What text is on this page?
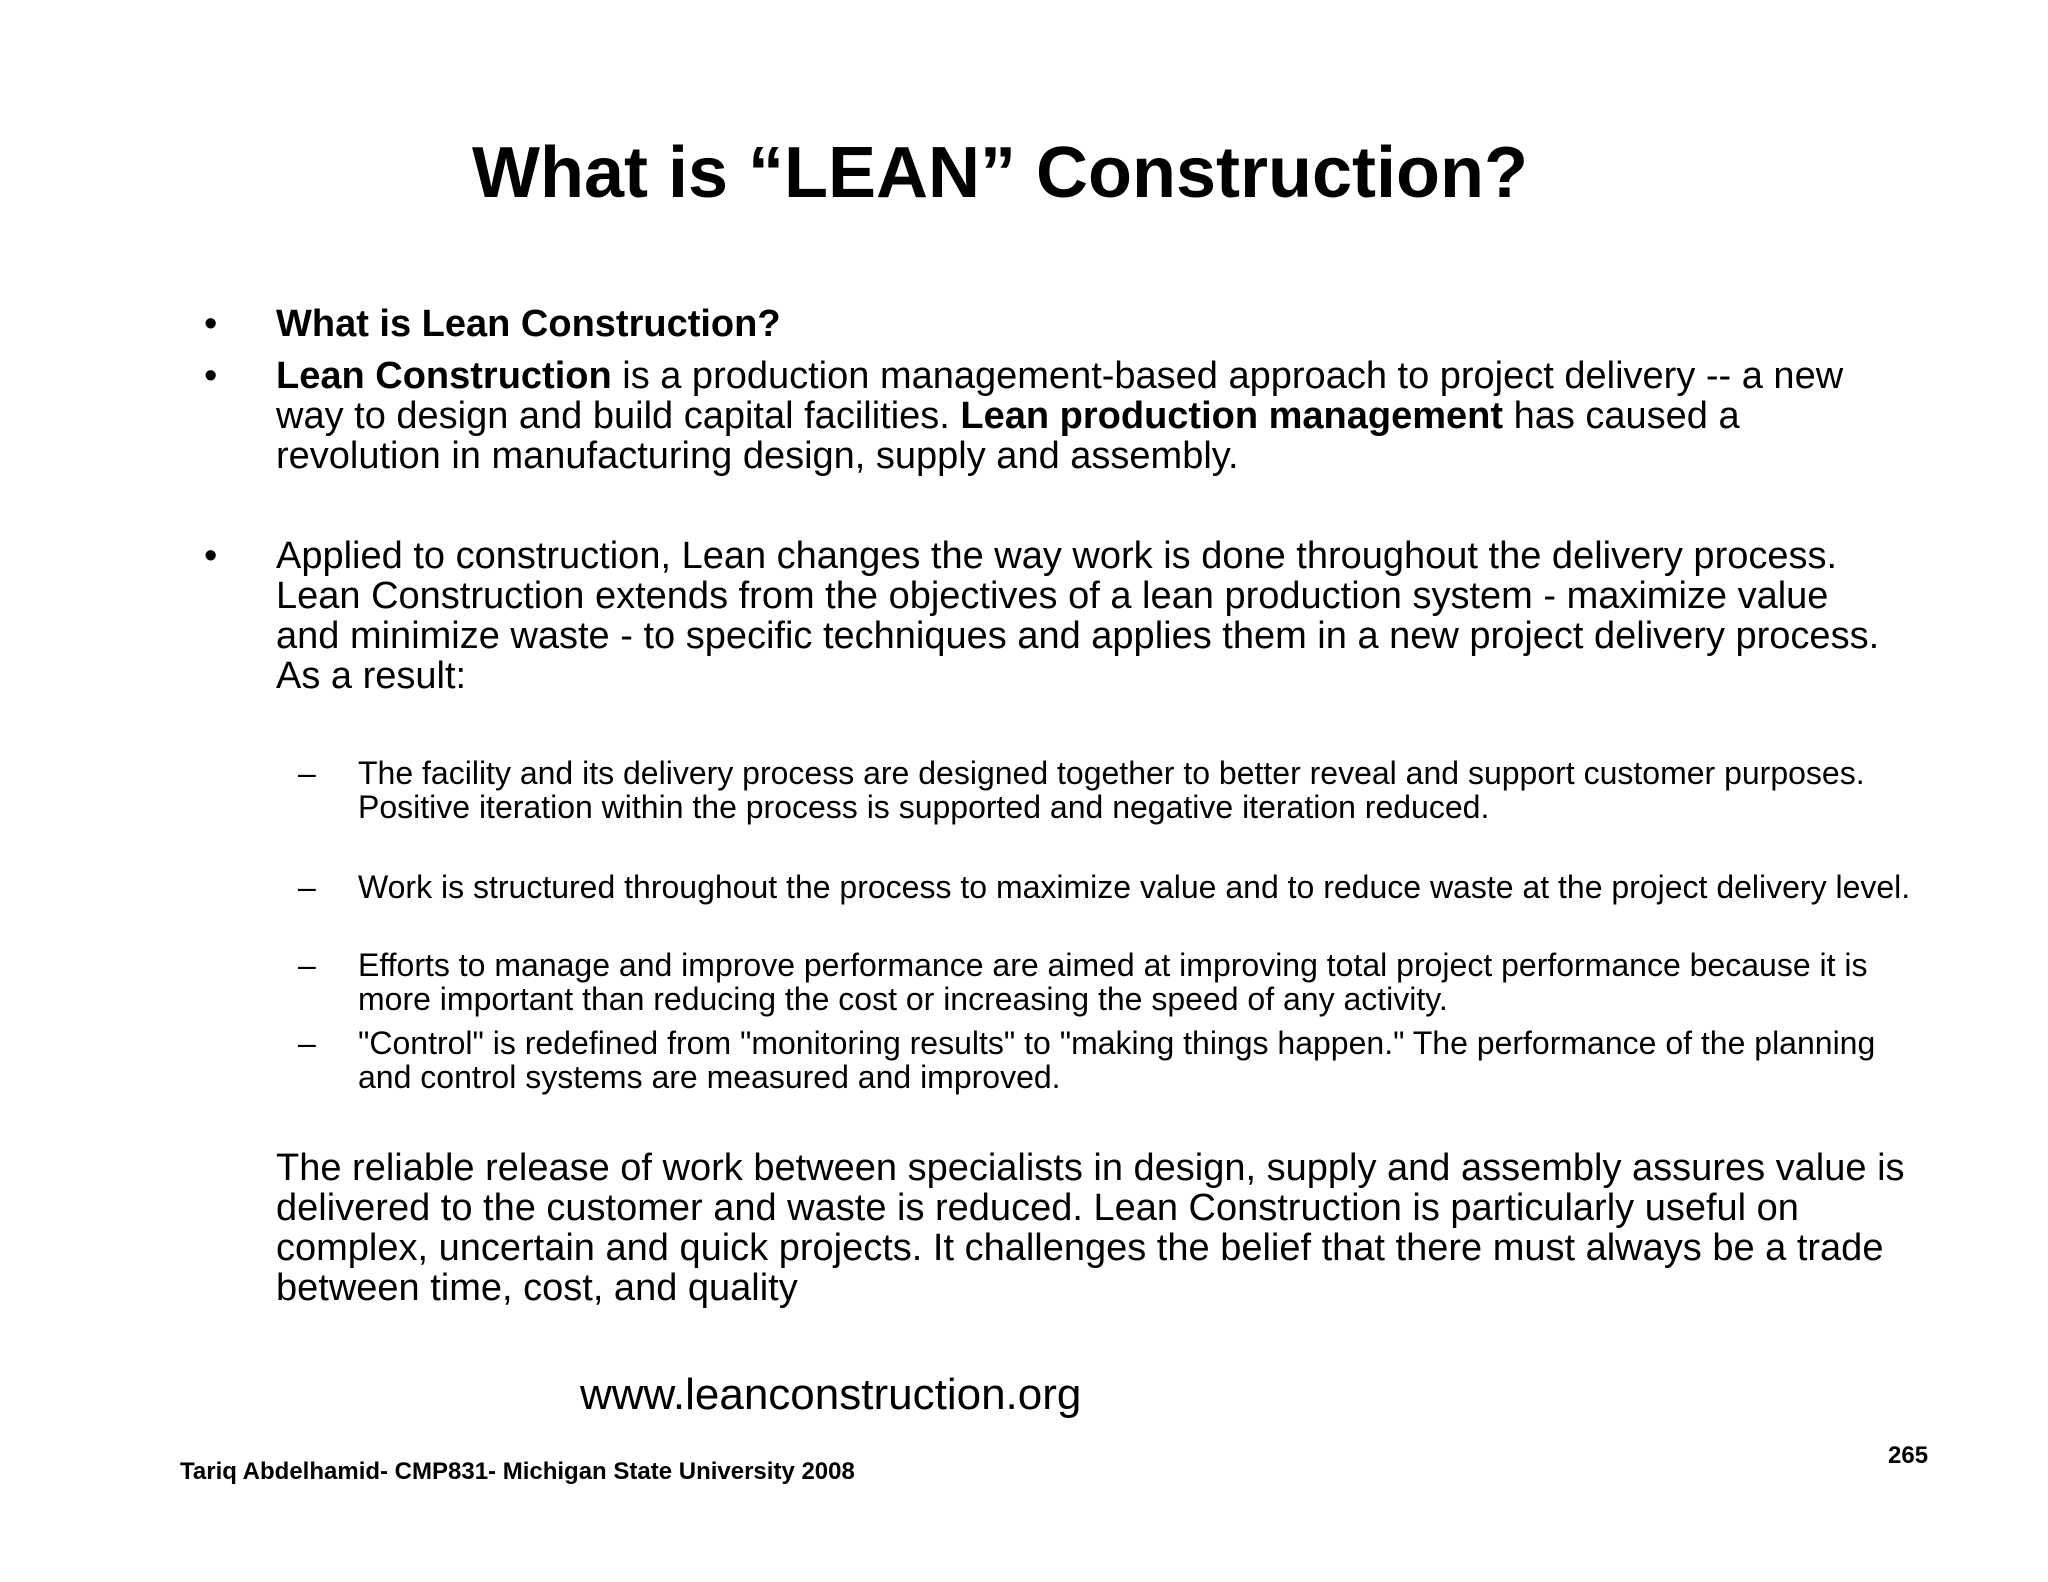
What is “LEAN” Construction?
• What is Lean Construction?
• Lean Construction is a production management-based approach to project delivery -- a new way to design and build capital facilities. Lean production management has caused a revolution in manufacturing design, supply and assembly.
• Applied to construction, Lean changes the way work is done throughout the delivery process. Lean Construction extends from the objectives of a lean production system - maximize value and minimize waste - to specific techniques and applies them in a new project delivery process. As a result:
– The facility and its delivery process are designed together to better reveal and support customer purposes. Positive iteration within the process is supported and negative iteration reduced.
– Work is structured throughout the process to maximize value and to reduce waste at the project delivery level.
– Efforts to manage and improve performance are aimed at improving total project performance because it is more important than reducing the cost or increasing the speed of any activity.
– "Control" is redefined from "monitoring results" to "making things happen." The performance of the planning and control systems are measured and improved.
The reliable release of work between specialists in design, supply and assembly assures value is delivered to the customer and waste is reduced. Lean Construction is particularly useful on complex, uncertain and quick projects. It challenges the belief that there must always be a trade between time, cost, and quality
www.leanconstruction.org
Tariq Abdelhamid- CMP831- Michigan State University 2008
265
